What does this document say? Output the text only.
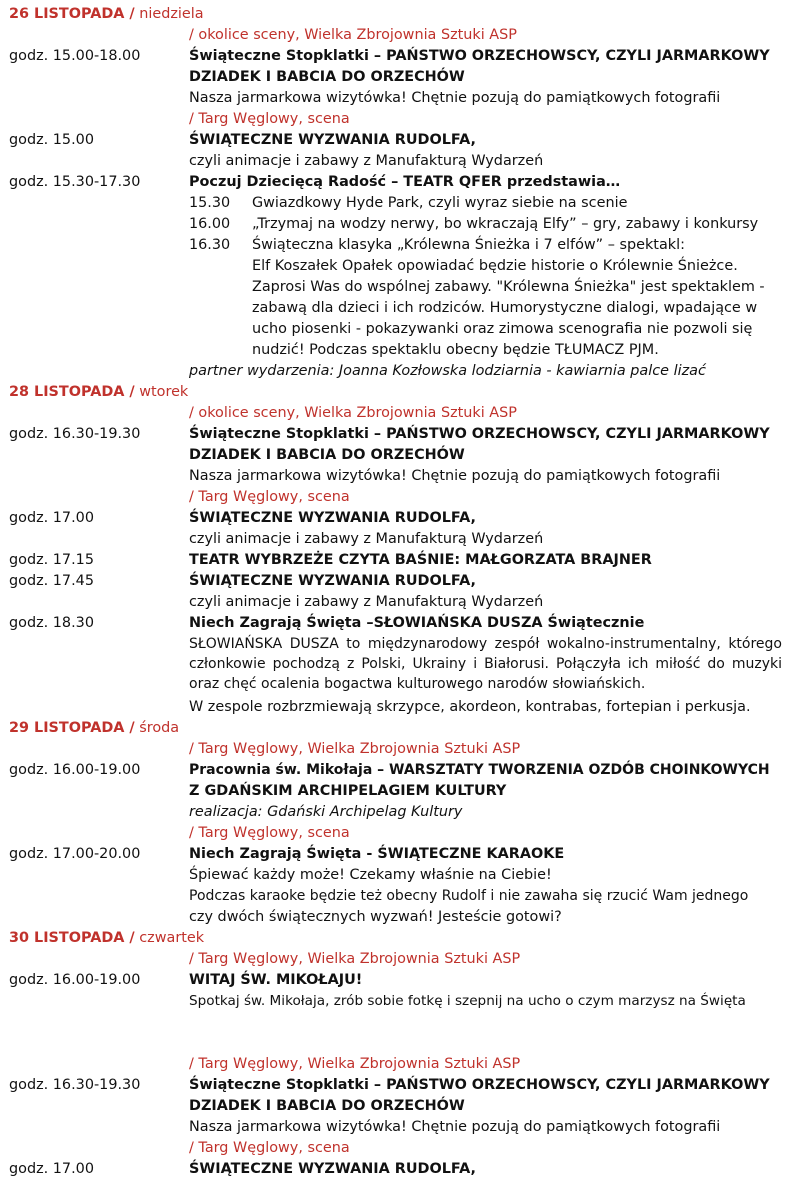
26 LISTOPADA / niedziela
/ okolice sceny, Wielka Zbrojownia Sztuki ASP
godz. 15.00-18.00	Świąteczne Stopklatki – PAŃSTWO ORZECHOWSCY, CZYLI JARMARKOWY
DZIADEK I BABCIA DO ORZECHÓW
Nasza jarmarkowa wizytówka! Chętnie pozują do pamiątkowych fotografii
/ Targ Węglowy, scena
godz. 15.00	ŚWIĄTECZNE WYZWANIA RUDOLFA,
czyli animacje i zabawy z Manufakturą Wydarzeń
godz. 15.30-17.30	Poczuj Dziecięcą Radość – TEATR QFER przedstawia…
15.30 Gwiazdkowy Hyde Park, czyli wyraz siebie na scenie
16.00 „Trzymaj na wodzy nerwy, bo wkraczają Elfy” – gry, zabawy i konkursy
16.30 Świąteczna klasyka „Królewna Śnieżka i 7 elfów” – spektakl:
Elf Koszałek Opałek opowiadać będzie historie o Królewnie Śnieżce.
Zaprosi Was do wspólnej zabawy. "Królewna Śnieżka" jest spektaklem -
zabawą dla dzieci i ich rodziców. Humorystyczne dialogi, wpadające w
ucho piosenki - pokazywanki oraz zimowa scenografia nie pozwoli się
nudzić! Podczas spektaklu obecny będzie TŁUMACZ PJM.
partner wydarzenia: Joanna Kozłowska lodziarnia - kawiarnia palce lizać
28 LISTOPADA / wtorek
/ okolice sceny, Wielka Zbrojownia Sztuki ASP
godz. 16.30-19.30	Świąteczne Stopklatki – PAŃSTWO ORZECHOWSCY, CZYLI JARMARKOWY
DZIADEK I BABCIA DO ORZECHÓW
Nasza jarmarkowa wizytówka! Chętnie pozują do pamiątkowych fotografii
/ Targ Węglowy, scena
godz. 17.00	ŚWIĄTECZNE WYZWANIA RUDOLFA,
czyli animacje i zabawy z Manufakturą Wydarzeń
godz. 17.15	TEATR WYBRZEŻE CZYTA BAŚNIE: MAŁGORZATA BRAJNER
godz. 17.45	ŚWIĄTECZNE WYZWANIA RUDOLFA,
czyli animacje i zabawy z Manufakturą Wydarzeń
godz. 18.30	Niech Zagrają Święta –SŁOWIAŃSKA DUSZA Świątecznie
SŁOWIAŃSKA DUSZA to międzynarodowy zespół wokalno-instrumentalny, którego członkowie pochodzą z Polski, Ukrainy i Białorusi. Połączyła ich miłość do muzyki oraz chęć ocalenia bogactwa kulturowego narodów słowiańskich.
W zespole rozbrzmiewają skrzypce, akordeon, kontrabas, fortepian i perkusja.
29 LISTOPADA / środa
/ Targ Węglowy, Wielka Zbrojownia Sztuki ASP
godz. 16.00-19.00	Pracownia św. Mikołaja – WARSZTATY TWORZENIA OZDÓB CHOINKOWYCH
Z GDAŃSKIM ARCHIPELAGIEM KULTURY
realizacja: Gdański Archipelag Kultury
/ Targ Węglowy, scena
godz. 17.00-20.00	Niech Zagrają Święta - ŚWIĄTECZNE KARAOKE
Śpiewać każdy może! Czekamy właśnie na Ciebie!
Podczas karaoke będzie też obecny Rudolf i nie zawaha się rzucić Wam jednego
czy dwóch świątecznych wyzwań! Jesteście gotowi?
30 LISTOPADA / czwartek
/ Targ Węglowy, Wielka Zbrojownia Sztuki ASP
godz. 16.00-19.00	WITAJ ŚW. MIKOŁAJU!
Spotkaj św. Mikołaja, zrób sobie fotkę i szepnij na ucho o czym marzysz na Święta
/ Targ Węglowy, Wielka Zbrojownia Sztuki ASP
godz. 16.30-19.30	Świąteczne Stopklatki – PAŃSTWO ORZECHOWSCY, CZYLI JARMARKOWY
DZIADEK I BABCIA DO ORZECHÓW
Nasza jarmarkowa wizytówka! Chętnie pozują do pamiątkowych fotografii
/ Targ Węglowy, scena
godz. 17.00	ŚWIĄTECZNE WYZWANIA RUDOLFA,
